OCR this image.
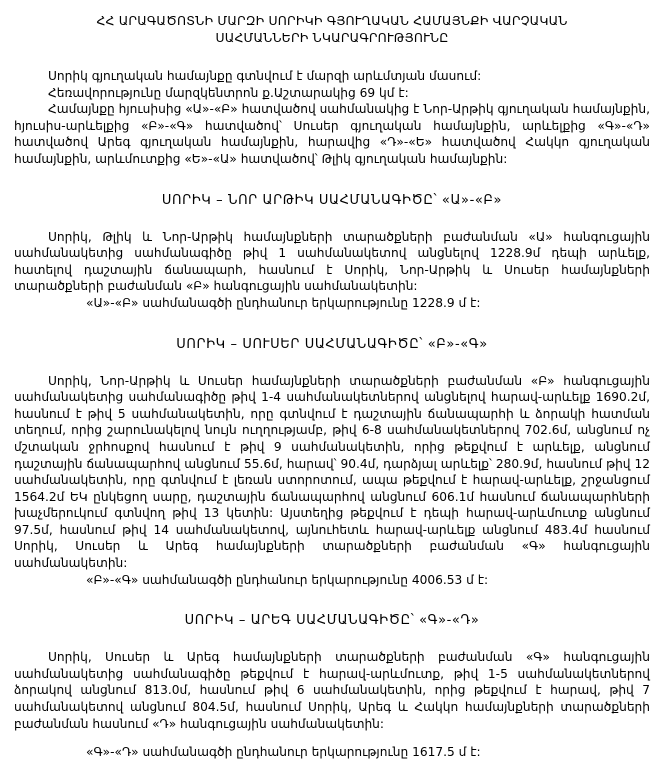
ՀՀ ԱՐԱԳԱԾՈՏՆԻ ՄԱՐԶԻ ՍՈՐԻԿԻ ԳՅՈՒՂԱԿԱՆ ՀԱՄԱՅՆՔԻ ՎԱՐՉԱԿԱՆ
ՍԱՀՄԱՆՆԵՐԻ ՆԿԱՐԱԳՐՈՒԹՅՈՒՆԸ

Սորիկ գյուղական համայնքը գտնվում է մարզի արևմտյան մասում:

Հեռավորությունը մարզկենտրոն ք.Աշտարակից 69 կմ է:

Համայնքը հյուսիսից «Ա»-«Բ» հատվածով սահմանակից է Նոր-Արթիկ գյուղական համայնքին, հյուսիս-արևելքից «Բ»-«Գ» հատվածով՝ Սուսեր գյուղական համայնքին, արևելքից «Գ»-«Դ» հատվածով Արեգ գյուղական համայնքին, հարավից «Դ»-«Ե» հատվածով Հակկո գյուղական համայնքին, արևմուտքից «Ե»-«Ա» հատվածով՝ Թլիկ գյուղական համայնքին:

ՍՈՐԻԿ – ՆՈՐ ԱՐԹԻԿ ՍԱՀՄԱՆԱԳԻԾԸ՝ «Ա»-«Բ»

Սորիկ, Թլիկ և Նոր-Արթիկ համայնքների տարածքների բաժանման «Ա» հանգուցային սահմանակետից սահմանագիծը թիվ 1 սահմանակետով անցնելով 1228.9մ դեպի արևելք, հատելով դաշտային ճանապարհ, հասնում է Սորիկ, Նոր-Արթիկ և Սուսեր համայնքների տարածքների բաժանման «Բ» հանգուցային սահմանակետին:

«Ա»-«Բ» սահմանագծի ընդհանուր երկարությունը 1228.9 մ է:

ՍՈՐԻԿ – ՍՈՒՍԵՐ ՍԱՀՄԱՆԱԳԻԾԸ՝ «Բ»-«Գ»

Սորիկ, Նոր-Արթիկ և Սուսեր համայնքների տարածքների բաժանման «Բ» հանգուցային սահմանակետից սահմանագիծը թիվ 1-4 սահմանակետներով անցնելով հարավ-արևելք 1690.2մ, հասնում է թիվ 5 սահմանակետին, որը գտնվում է դաշտային ճանապարհի և ձորակի հատման տեղում, որից շարունակելով նույն ուղղությամբ, թիվ 6-8 սահմանակետներով 702.6մ, անցնում ոչ մշտական ջրհոսքով հասնում է թիվ 9 սահմանակետին, որից թեքվում է արևելք, անցնում դաշտային ճանապարհով անցնում 55.6մ, հարավ՝ 90.4մ, դարձյալ արևելք՝ 280.9մ, հասնում թիվ 12 սահմանակետին, որը գտնվում է լեռան ստորոտում, ապա թեքվում է հարավ-արևելք, շրջանցում 1564.2մ ԵԿ ընկեցող սարը, դաշտային ճանապարհով անցնում 606.1մ հասնում ճանապարհների խաչմերուկում գտնվող թիվ 13 կետին: Այստեղից թեքվում է դեպի հարավ-արևմուտք անցնում 97.5մ, հասնում թիվ 14 սահմանակետով, այնուհետև հարավ-արևելք անցնում 483.4մ հասնում Սորիկ, Սուսեր և Արեգ համայնքների տարածքների բաժանման «Գ» հանգուցային սահմանակետին:

«Բ»-«Գ» սահմանագծի ընդհանուր երկարությունը 4006.53 մ է:

ՍՈՐԻԿ – ԱՐԵԳ ՍԱՀՄԱՆԱԳԻԾԸ՝ «Գ»-«Դ»

Սորիկ, Սուսեր և Արեգ համայնքների տարածքների բաժանման «Գ» հանգուցային սահմանակետից սահմանագիծը թեքվում է հարավ-արևմուտք, թիվ 1-5 սահմանակետներով ձորակով անցնում 813.0մ, հասնում թիվ 6 սահմանակետին, որից թեքվում է հարավ, թիվ 7 սահմանակետով անցնում 804.5մ, հասնում Սորիկ, Արեգ և Հակկո համայնքների տարածքների բաժանման հասնում «Դ» հանգուցային սահմանակետին:

«Գ»-«Դ» սահմանագծի ընդհանուր երկարությունը 1617.5 մ է:
